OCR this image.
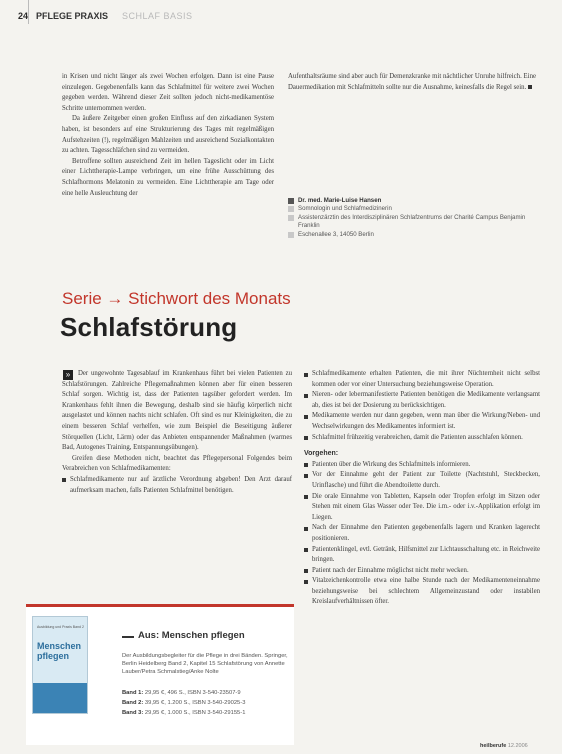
24 PFLEGE PRAXIS SCHLAF BASIS

in Krisen und nicht länger als zwei Wochen erfolgen. Dann ist eine Pause einzulegen. Gegebenenfalls kann das Schlafmittel für weitere zwei Wochen gegeben werden. Während dieser Zeit sollten jedoch nicht-medikamentöse Schritte unternommen werden.

Da äußere Zeitgeber einen großen Einfluss auf den zirkadianen System haben, ist besonders auf eine Strukturierung des Tages mit regelmäßigen Aufstehzeiten (!), regelmäßigen Mahlzeiten und ausreichend Sozialkontakten zu achten. Tagesschläfchen sind zu vermeiden.

Betroffene sollten ausreichend Zeit im hellen Tageslicht oder im Licht einer Lichttherapie-Lampe verbringen, um eine frühe Ausschüttung des Schlafhormons Melatonin zu vermeiden. Eine Lichttherapie am Tage oder eine helle Ausleuchtung der

Aufenthaltsräume sind aber auch für Demenzkranke mit nächtlicher Unruhe hilfreich. Eine Dauermedikation mit Schlafmitteln sollte nur die Ausnahme, keinesfalls die Regel sein.

Dr. med. Marie-Luise Hansen
Somnologin und Schlafmedizinerin
Assistenzärztin des Interdisziplinären Schlafzentrums der Charité Campus Benjamin Franklin
Eschenallee 3, 14050 Berlin
Serie → Stichwort des Monats
Schlafstörung
»	Der ungewohnte Tagesablauf im Krankenhaus führt bei vielen Patienten zu Schlafstörungen. Zahlreiche Pflegemaßnahmen können aber für einen besseren Schlaf sorgen. Wichtig ist, dass der Patienten tagsüber gefordert werden. Im Krankenhaus fehlt ihnen die Bewegung, deshalb sind sie häufig körperlich nicht ausgelastet und können nachts nicht schlafen. Oft sind es nur Kleinigkeiten, die zu einem besseren Schlaf verhelfen, wie zum Beispiel die Beseitigung äußerer Störquellen (Licht, Lärm) oder das Anbieten entspannender Maßnahmen (warmes Bad, Autogenes Training, Entspannungsübungen).

Greifen diese Methoden nicht, beachtet das Pflegepersonal Folgendes beim Verabreichen von Schlafmedikamenten:

Schlafmedikamente nur auf ärztliche Verordnung abgeben! Den Arzt darauf aufmerksam machen, falls Patienten Schlafmittel benötigen.
Schlafmedikamente erhalten Patienten, die mit ihrer Nüchternheit nicht selbst kommen oder vor einer Untersuchung beziehungsweise Operation.
Nieren- oder lebermanifestierte Patienten benötigen die Medikamente verlangsamt ab, dies ist bei der Dosierung zu berücksichtigen.
Medikamente werden nur dann gegeben, wenn man über die Wirkung/Neben- und Wechselwirkungen des Medikamentes informiert ist.
Schlafmittel frühzeitig verabreichen, damit die Patienten ausschlafen können.
Vorgehen:
Patienten über die Wirkung des Schlafmittels informieren.
Vor der Einnahme geht der Patient zur Toilette (Nachtstuhl, Steckbecken, Urinflasche) und führt die Abendtoilette durch.
Die orale Einnahme von Tabletten, Kapseln oder Tropfen erfolgt im Sitzen oder Stehen mit einem Glas Wasser oder Tee. Die i.m.- oder i.v.-Applikation erfolgt im Liegen.
Nach der Einnahme den Patienten gegebenenfalls lagern und Kranken lagerecht positionieren.
Patientenklingel, evtl. Getränk, Hilfsmittel zur Lichtausschaltung etc. in Reichweite bringen.
Patient nach der Einnahme möglichst nicht mehr wecken.
Vitalzeichenkontrolle etwa eine halbe Stunde nach der Medikamenteneinnahme beziehungsweise bei schlechtem Allgemeinzustand oder instabilen Kreislaufverhältnissen öfter.
Ausbildung und Praxis Band 2
Menschen pflegen
Aus: Menschen pflegen
Der Ausbildungsbegleiter für die Pflege in drei Bänden. Springer, Berlin Heidelberg Band 2, Kapitel 15 Schlafstörung von Annette Lauber/Petra Schmalstieg/Anke Nolte
Band 1: 29,95 €, 496 S., ISBN 3-540-23507-9
Band 2: 39,95 €, 1.200 S., ISBN 3-540-29025-3
Band 3: 29,95 €, 1.000 S., ISBN 3-540-29155-1
heilberufe 12.2006
